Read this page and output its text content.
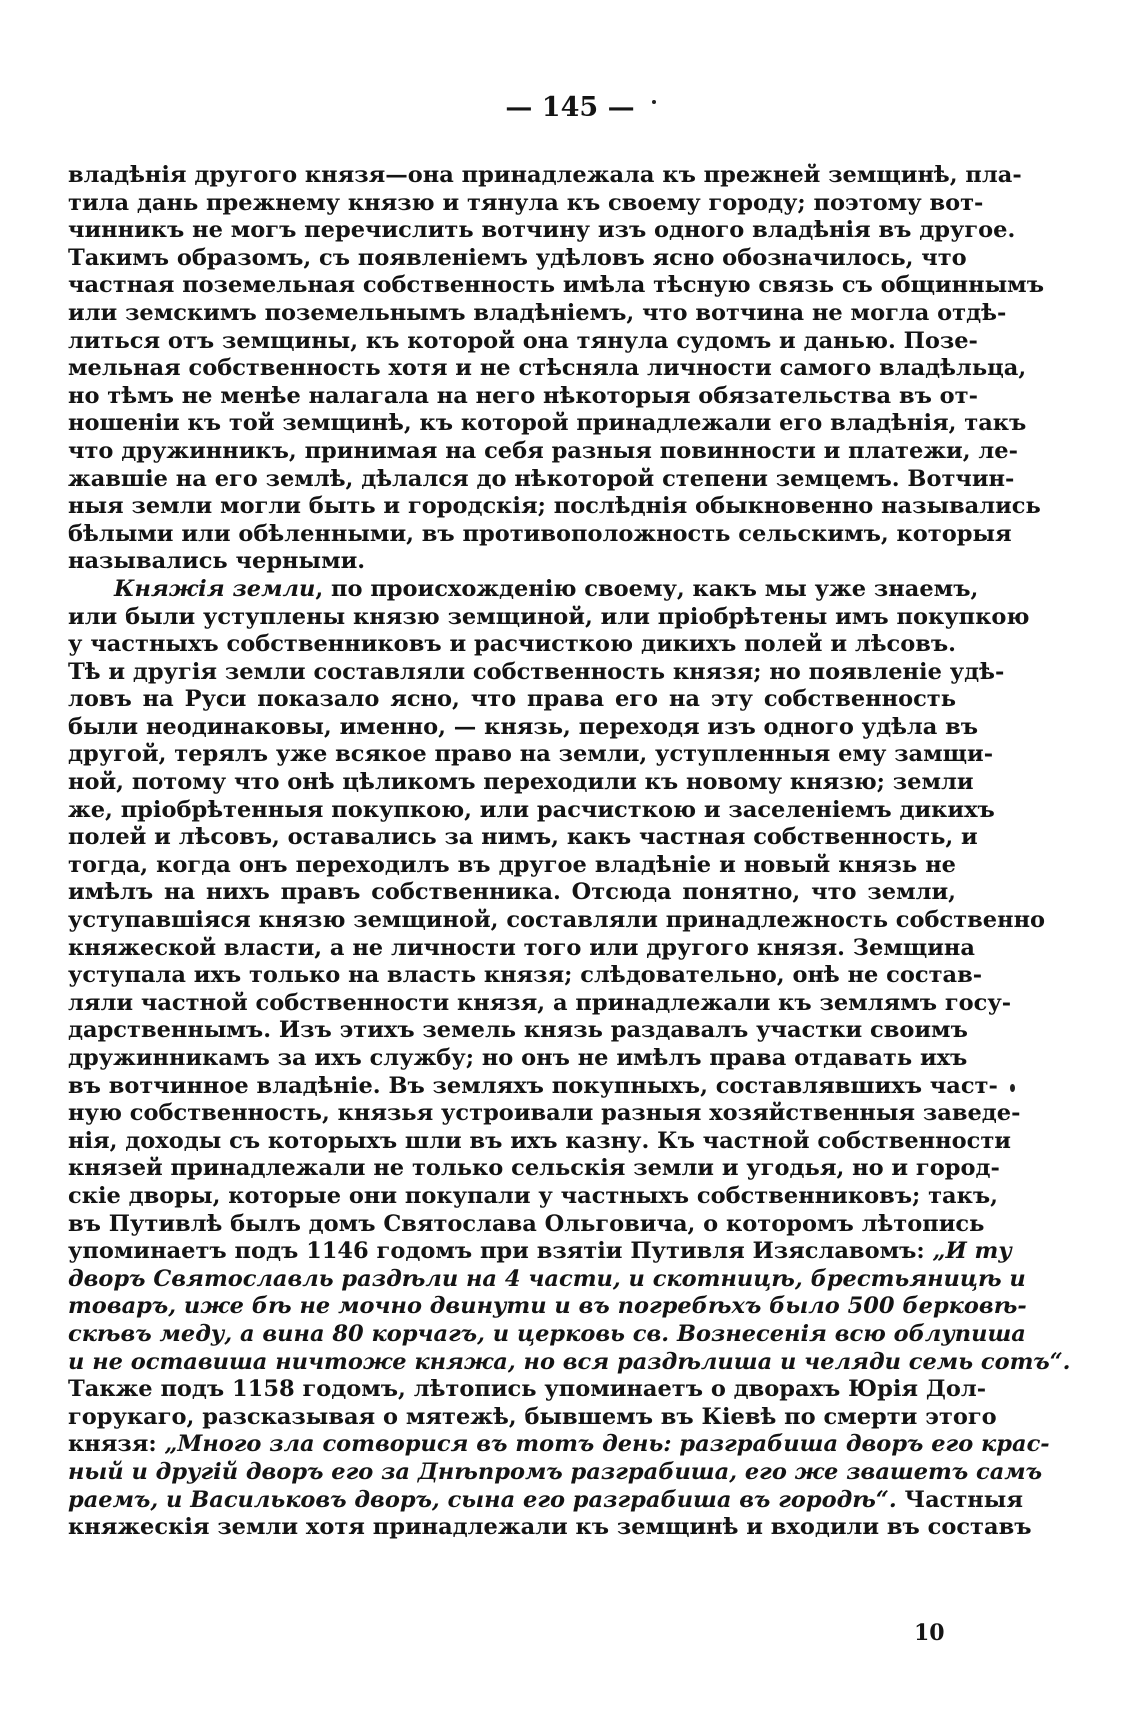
— 145 —
владѣнія другого князя—она принадлежала къ прежней земщинѣ, пла-
тила дань прежнему князю и тянула къ своему городу; поэтому вот-
чинникъ не могъ перечислить вотчину изъ одного владѣнія въ другое.
Такимъ образомъ, съ появленіемъ удѣловъ ясно обозначилось, что
частная поземельная собственность имѣла тѣсную связь съ общиннымъ
или земскимъ поземельнымъ владѣніемъ, что вотчина не могла отдѣ-
литься отъ земщины, къ которой она тянула судомъ и данью. Позе-
мельная собственность хотя и не стѣсняла личности самого владѣльца,
но тѣмъ не менѣе налагала на него нѣкоторыя обязательства въ от-
ношеніи къ той земщинѣ, къ которой принадлежали его владѣнія, такъ
что дружинникъ, принимая на себя разныя повинности и платежи, ле-
жавшіе на его землѣ, дѣлался до нѣкоторой степени земцемъ. Вотчин-
ныя земли могли быть и городскія; послѣднія обыкновенно назывались
бѣлыми или обѣленными, въ противоположность сельскимъ, которыя
назывались черными.
Княжія земли, по происхожденію своему, какъ мы уже знаемъ,
или были уступлены князю земщиной, или пріобрѣтены имъ покупкою
у частныхъ собственниковъ и расчисткою дикихъ полей и лѣсовъ.
Тѣ и другія земли составляли собственность князя; но появленіе удѣ-
ловъ на Руси показало ясно, что права его на эту собственность
были неодинаковы, именно, — князь, переходя изъ одного удѣла въ
другой, терялъ уже всякое право на земли, уступленныя ему замщи-
ной, потому что онѣ цѣликомъ переходили къ новому князю; земли
же, пріобрѣтенныя покупкою, или расчисткою и заселеніемъ дикихъ
полей и лѣсовъ, оставались за нимъ, какъ частная собственность, и
тогда, когда онъ переходилъ въ другое владѣніе и новый князь не
имѣлъ на нихъ правъ собственника. Отсюда понятно, что земли,
уступавшіяся князю земщиной, составляли принадлежность собственно
княжеской власти, а не личности того или другого князя. Земщина
уступала ихъ только на власть князя; слѣдовательно, онѣ не состав-
ляли частной собственности князя, а принадлежали къ землямъ госу-
дарственнымъ. Изъ этихъ земель князь раздавалъ участки своимъ
дружинникамъ за ихъ службу; но онъ не имѣлъ права отдавать ихъ
въ вотчинное владѣніе. Въ земляхъ покупныхъ, составлявшихъ част-
ную собственность, князья устроивали разныя хозяйственныя заведе-
нія, доходы съ которыхъ шли въ ихъ казну. Къ частной собственности
князей принадлежали не только сельскія земли и угодья, но и город-
скіе дворы, которые они покупали у частныхъ собственниковъ; такъ,
въ Путивлѣ былъ домъ Святослава Ольговича, о которомъ лѣтопись
упоминаетъ подъ 1146 годомъ при взятіи Путивля Изяславомъ: „И ту
дворъ Святославль раздѣли на 4 части, и скотницѣ, брестьяницѣ и
товаръ, иже бѣ не мочно двинути и въ погребѣхъ было 500 берковѣ-
скѣвъ меду, а вина 80 корчагъ, и церковь св. Вознесенія всю облупиша
и не оставиша ничтоже княжа, но вся раздѣлиша и челяди семь сотъ“.
Также подъ 1158 годомъ, лѣтопись упоминаетъ о дворахъ Юрія Дол-
горукаго, разсказывая о мятежѣ, бывшемъ въ Кіевѣ по смерти этого
князя: „Много зла сотворися въ тотъ день: разграбиша дворъ его крас-
ный и другій дворъ его за Днѣпромъ разграбиша, его же звашетъ самъ
раемъ, и Васильковъ дворъ, сына его разграбиша въ городѣ“. Частныя
княжескія земли хотя принадлежали къ земщинѣ и входили въ составъ
10
